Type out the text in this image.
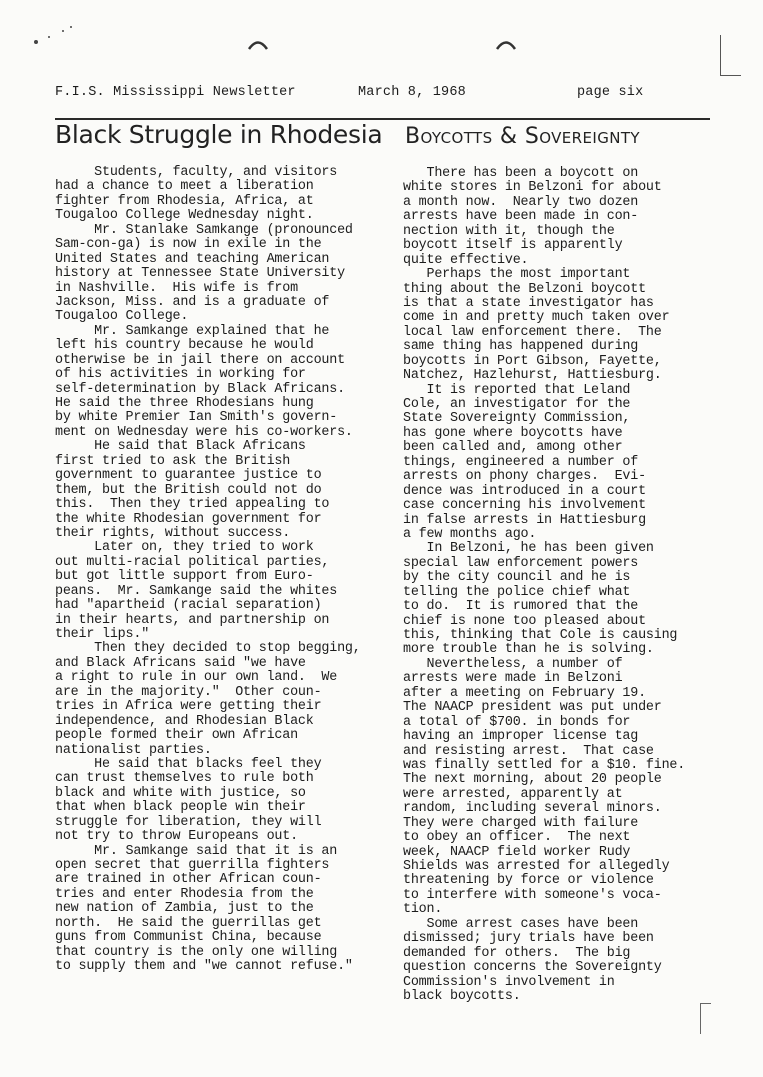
F.I.S. Mississippi Newsletter	March 8, 1968	page six
Black Struggle in Rhodesia Boycotts & Sovereignty
Students, faculty, and visitors
had a chance to meet a liberation
fighter from Rhodesia, Africa, at
Tougaloo College Wednesday night.
Mr. Stanlake Samkange (pronounced
Sam-con-ga) is now in exile in the
United States and teaching American
history at Tennessee State University
in Nashville.  His wife is from
Jackson, Miss. and is a graduate of
Tougaloo College.
Mr. Samkange explained that he
left his country because he would
otherwise be in jail there on account
of his activities in working for
self-determination by Black Africans.
He said the three Rhodesians hung
by white Premier Ian Smith's govern-
ment on Wednesday were his co-workers.
He said that Black Africans
first tried to ask the British
government to guarantee justice to
them, but the British could not do
this.  Then they tried appealing to
the white Rhodesian government for
their rights, without success.
Later on, they tried to work
out multi-racial political parties,
but got little support from Euro-
peans.  Mr. Samkange said the whites
had "apartheid (racial separation)
in their hearts, and partnership on
their lips."
Then they decided to stop begging,
and Black Africans said "we have
a right to rule in our own land.  We
are in the majority."  Other coun-
tries in Africa were getting their
independence, and Rhodesian Black
people formed their own African
nationalist parties.
He said that blacks feel they
can trust themselves to rule both
black and white with justice, so
that when black people win their
struggle for liberation, they will
not try to throw Europeans out.
Mr. Samkange said that it is an
open secret that guerrilla fighters
are trained in other African coun-
tries and enter Rhodesia from the
new nation of Zambia, just to the
north.  He said the guerrillas get
guns from Communist China, because
that country is the only one willing
to supply them and "we cannot refuse."
There has been a boycott on
white stores in Belzoni for about
a month now.  Nearly two dozen
arrests have been made in con-
nection with it, though the
boycott itself is apparently
quite effective.
Perhaps the most important
thing about the Belzoni boycott
is that a state investigator has
come in and pretty much taken over
local law enforcement there.  The
same thing has happened during
boycotts in Port Gibson, Fayette,
Natchez, Hazlehurst, Hattiesburg.
It is reported that Leland
Cole, an investigator for the
State Sovereignty Commission,
has gone where boycotts have
been called and, among other
things, engineered a number of
arrests on phony charges.  Evi-
dence was introduced in a court
case concerning his involvement
in false arrests in Hattiesburg
a few months ago.
In Belzoni, he has been given
special law enforcement powers
by the city council and he is
telling the police chief what
to do.  It is rumored that the
chief is none too pleased about
this, thinking that Cole is causing
more trouble than he is solving.
Nevertheless, a number of
arrests were made in Belzoni
after a meeting on February 19.
The NAACP president was put under
a total of $700. in bonds for
having an improper license tag
and resisting arrest.  That case
was finally settled for a $10. fine.
The next morning, about 20 people
were arrested, apparently at
random, including several minors.
They were charged with failure
to obey an officer.  The next
week, NAACP field worker Rudy
Shields was arrested for allegedly
threatening by force or violence
to interfere with someone's voca-
tion.
Some arrest cases have been
dismissed; jury trials have been
demanded for others.  The big
question concerns the Sovereignty
Commission's involvement in
black boycotts.
